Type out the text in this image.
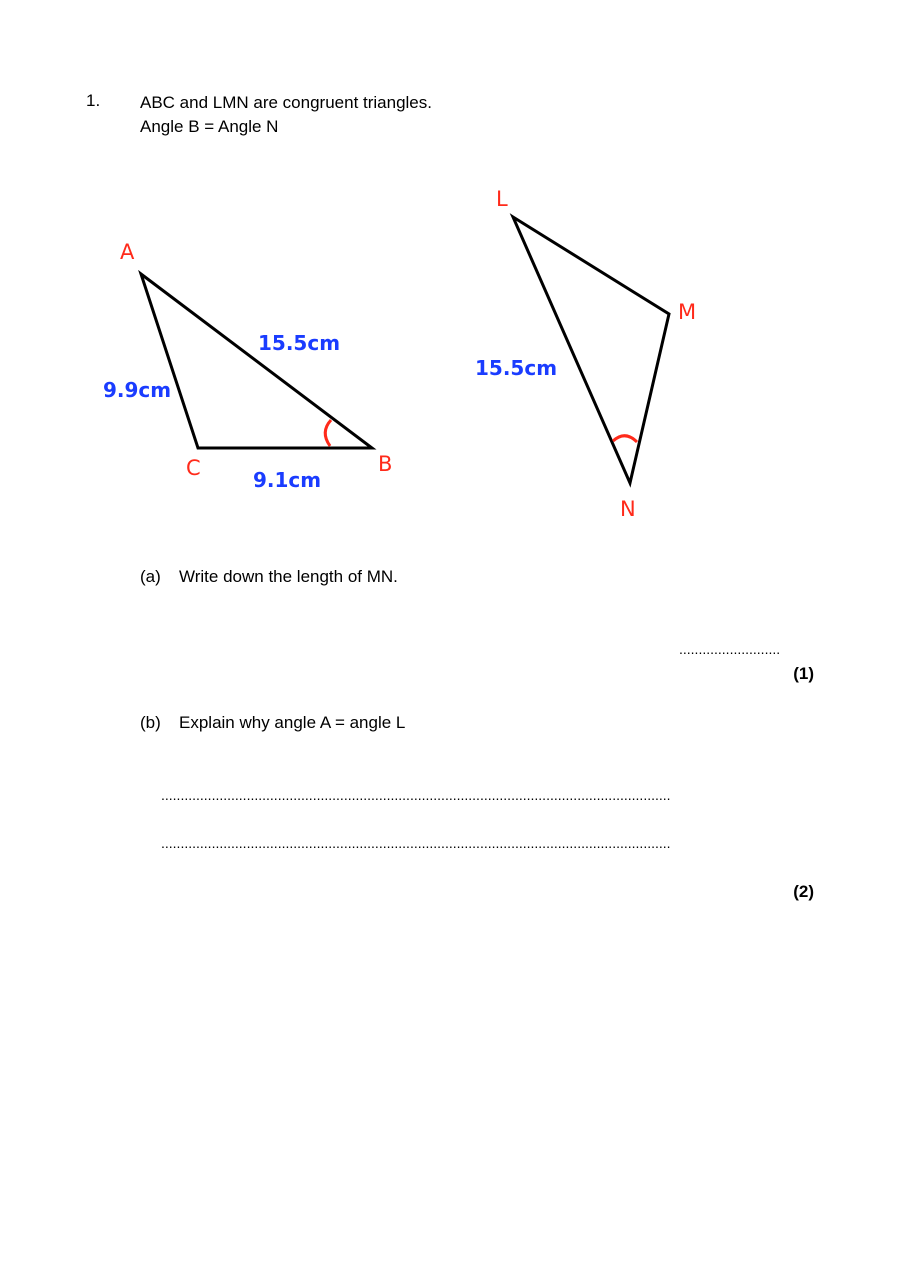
1. ABC and LMN are congruent triangles.
Angle B = Angle N
A
B
C
15.5cm
9.9cm
9.1cm
L
M
N
15.5cm
(a) Write down the length of MN.
..........................
(1)
(b) Explain why angle A = angle L
...................................................................................................................................
...................................................................................................................................
(2)
